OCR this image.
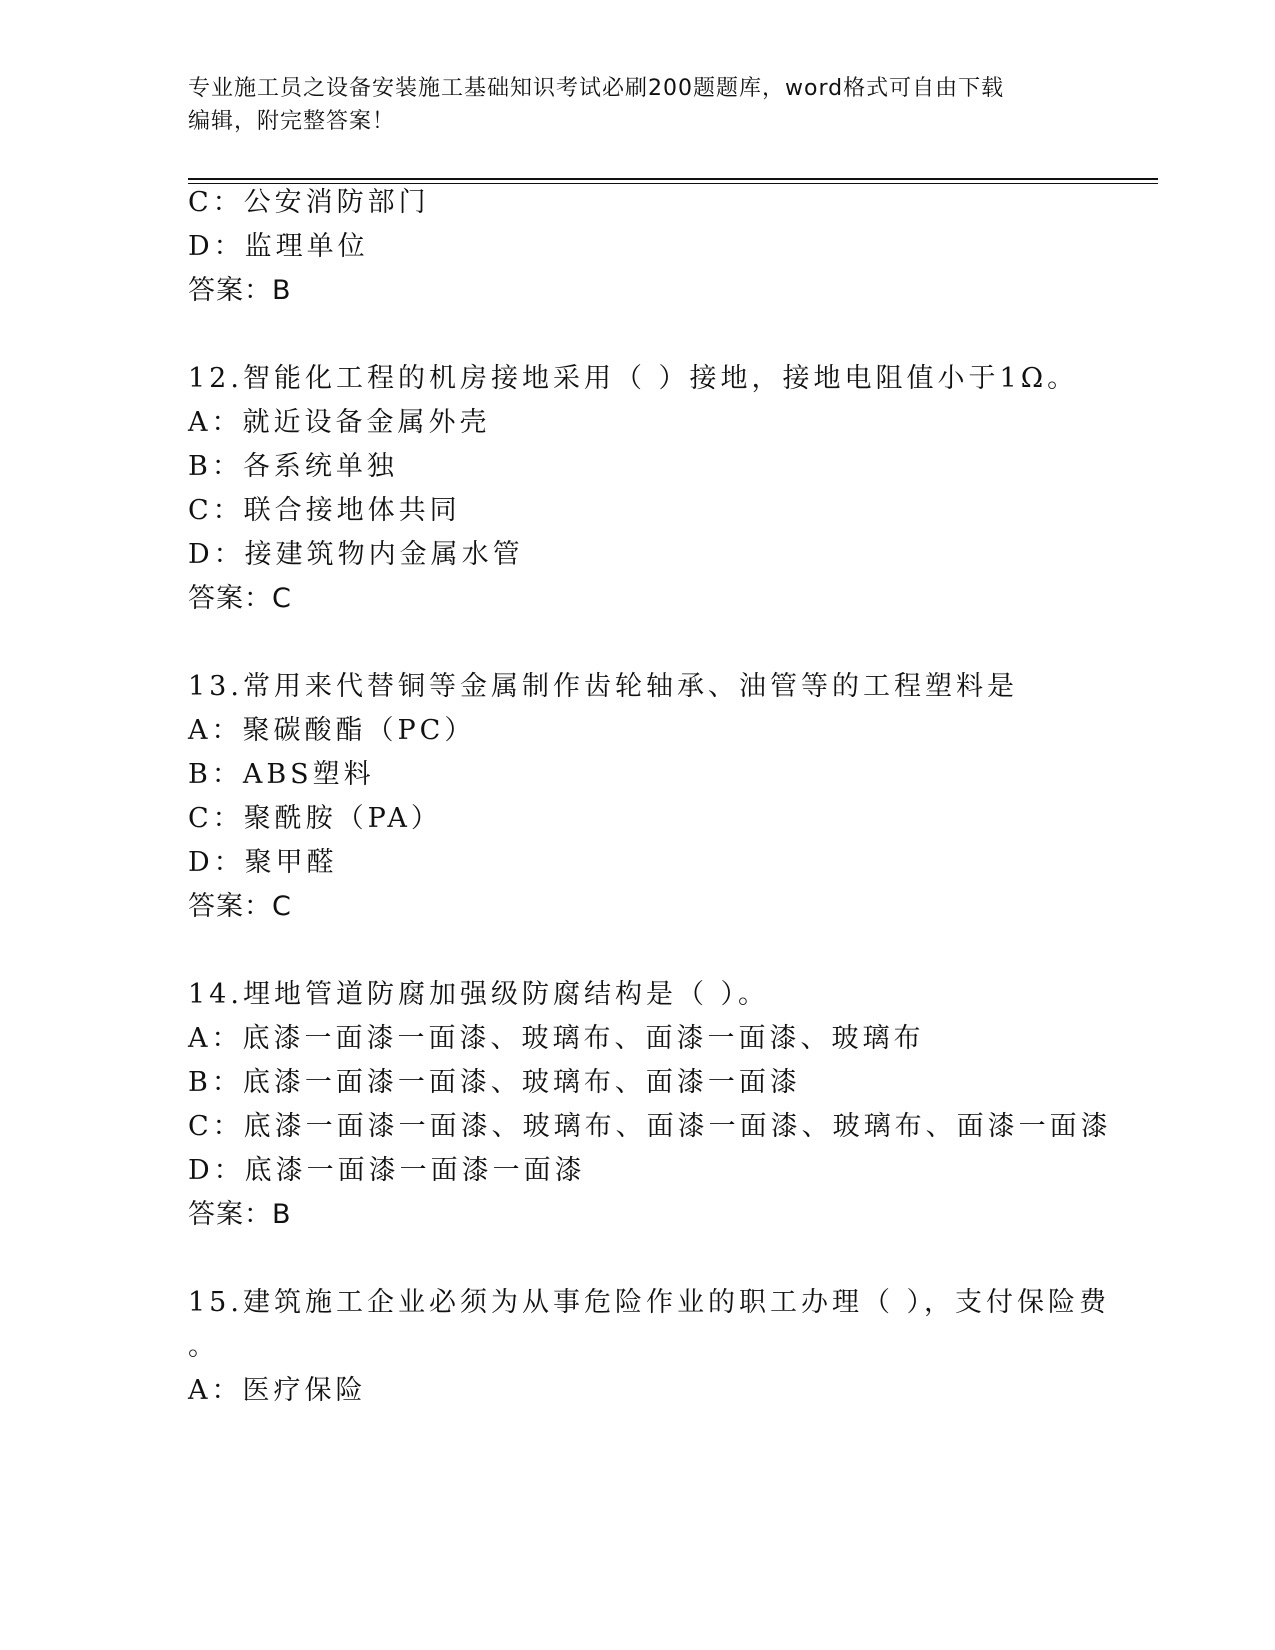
专业施工员之设备安装施工基础知识考试必刷200题题库，word格式可自由下载
编辑，附完整答案！
C：公安消防部门
D：监理单位
答案：B
12.智能化工程的机房接地采用（ ）接地，接地电阻值小于1Ω。
A：就近设备金属外壳
B：各系统单独
C：联合接地体共同
D：接建筑物内金属水管
答案：C
13.常用来代替铜等金属制作齿轮轴承、油管等的工程塑料是
A：聚碳酸酯（PC）
B：ABS塑料
C：聚酰胺（PA）
D：聚甲醛
答案：C
14.埋地管道防腐加强级防腐结构是（ ）。
A：底漆一面漆一面漆、玻璃布、面漆一面漆、玻璃布
B：底漆一面漆一面漆、玻璃布、面漆一面漆
C：底漆一面漆一面漆、玻璃布、面漆一面漆、玻璃布、面漆一面漆
D：底漆一面漆一面漆一面漆
答案：B
15.建筑施工企业必须为从事危险作业的职工办理（ ），支付保险费
。
A：医疗保险
